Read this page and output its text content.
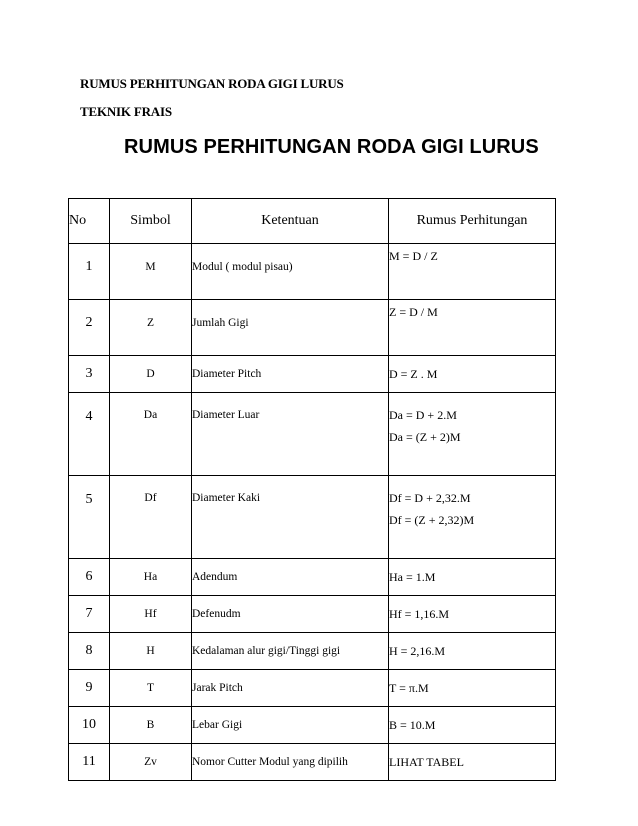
RUMUS PERHITUNGAN RODA GIGI LURUS
TEKNIK FRAIS
RUMUS PERHITUNGAN RODA GIGI LURUS
No	Simbol	Ketentuan	Rumus Perhitungan
1	M	Modul ( modul pisau)	M = D / Z

2	Z	Jumlah Gigi	Z = D / M

3	D	Diameter Pitch	D = Z . M

4	Da	Diameter Luar	Da = D + 2.M
Da = (Z + 2)M

5	Df	Diameter Kaki	Df = D + 2,32.M
Df = (Z + 2,32)M

6	Ha	Adendum	Ha = 1.M

7	Hf	Defenudm	Hf = 1,16.M

8	H	Kedalaman alur gigi/Tinggi gigi	H = 2,16.M

9	T	Jarak Pitch	T = π.M

10	B	Lebar Gigi	B = 10.M

11	Zv	Nomor Cutter Modul yang dipilih	LIHAT TABEL
